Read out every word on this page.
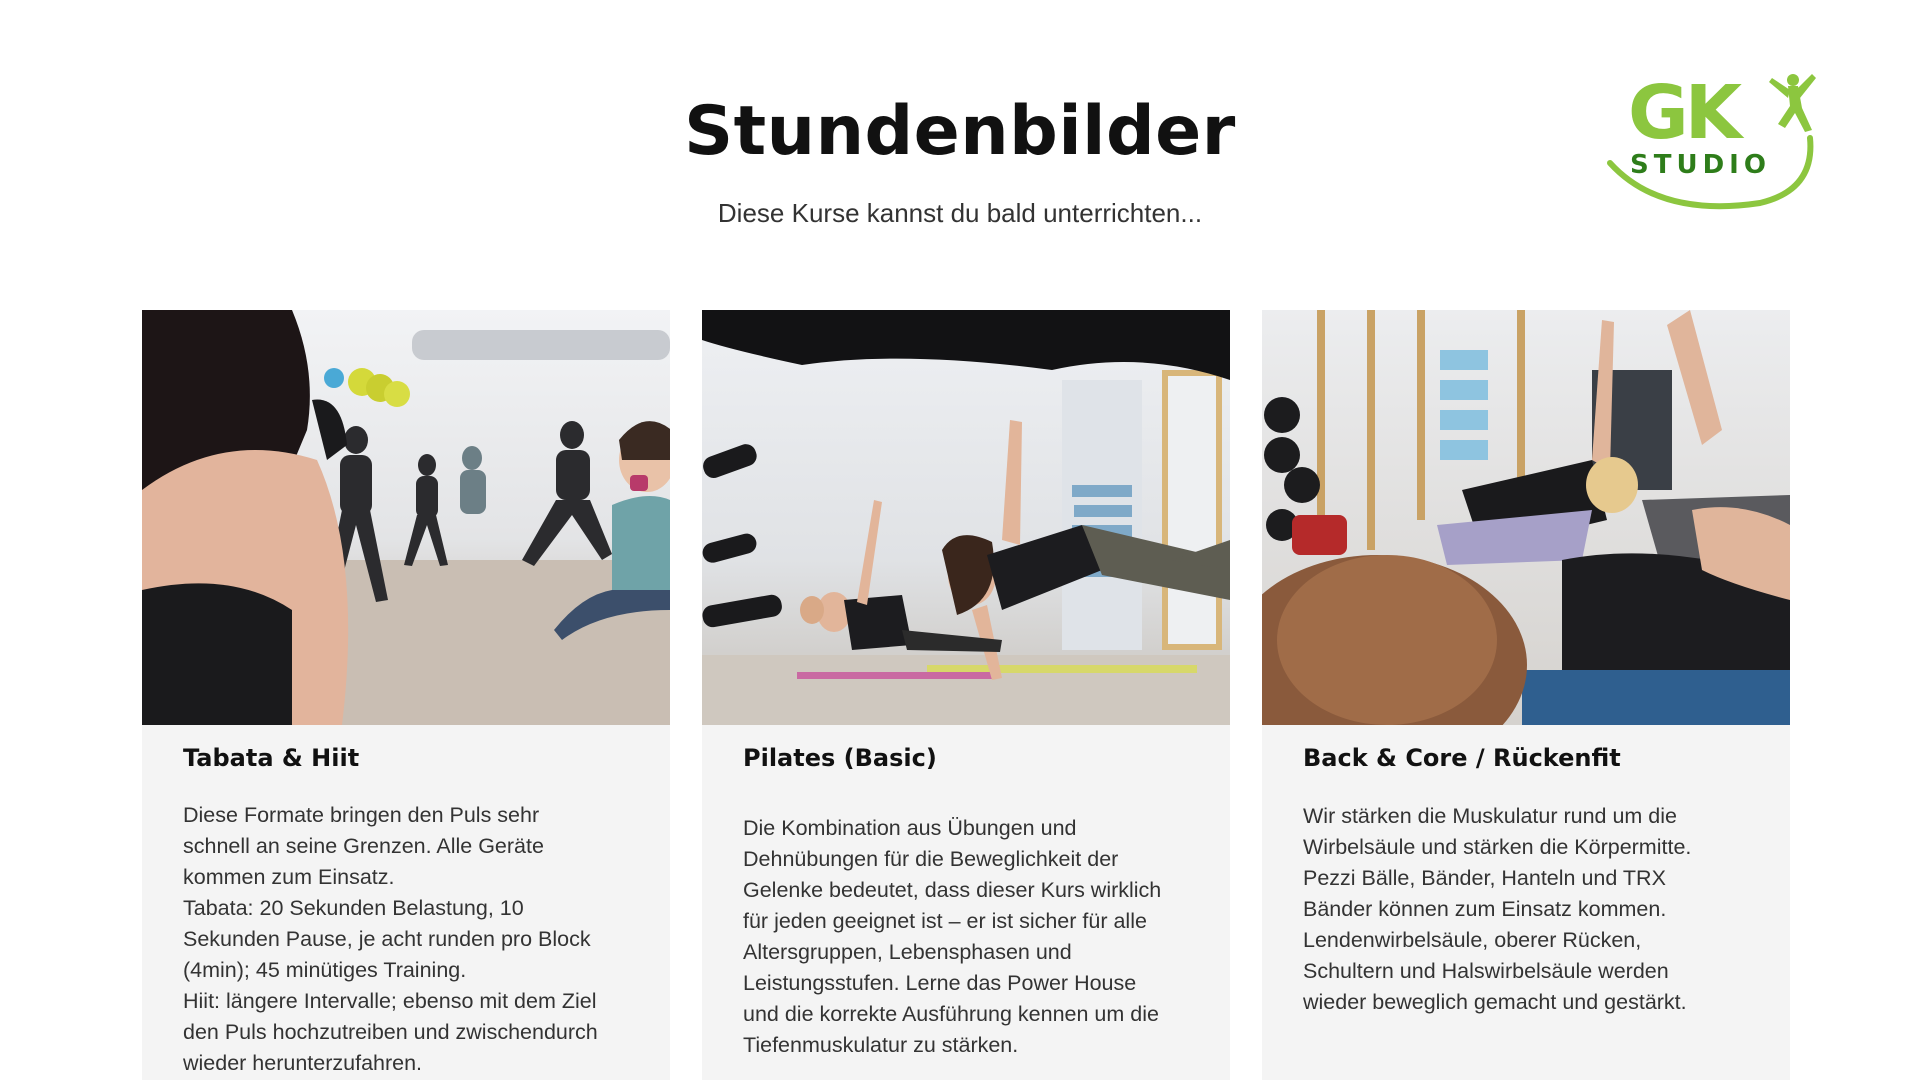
Stundenbilder
Diese Kurse kannst du bald unterrichten...
GK
STUDIO
Tabata & Hiit

Diese Formate bringen den Puls sehr

schnell an seine Grenzen. Alle Geräte

kommen zum Einsatz.

Tabata: 20 Sekunden Belastung, 10

Sekunden Pause, je acht runden pro Block

(4min); 45 minütiges Training.

Hiit: längere Intervalle; ebenso mit dem Ziel

den Puls hochzutreiben und zwischendurch

wieder herunterzufahren.

Pilates (Basic)

Die Kombination aus Übungen und

Dehnübungen für die Beweglichkeit der

Gelenke bedeutet, dass dieser Kurs wirklich

für jeden geeignet ist – er ist sicher für alle

Altersgruppen, Lebensphasen und

Leistungsstufen. Lerne das Power House

und die korrekte Ausführung kennen um die

Tiefenmuskulatur zu stärken.

Back & Core / Rückenfit

Wir stärken die Muskulatur rund um die

Wirbelsäule und stärken die Körpermitte.

Pezzi Bälle, Bänder, Hanteln und TRX

Bänder können zum Einsatz kommen.

Lendenwirbelsäule, oberer Rücken,

Schultern und Halswirbelsäule werden

wieder beweglich gemacht und gestärkt.
